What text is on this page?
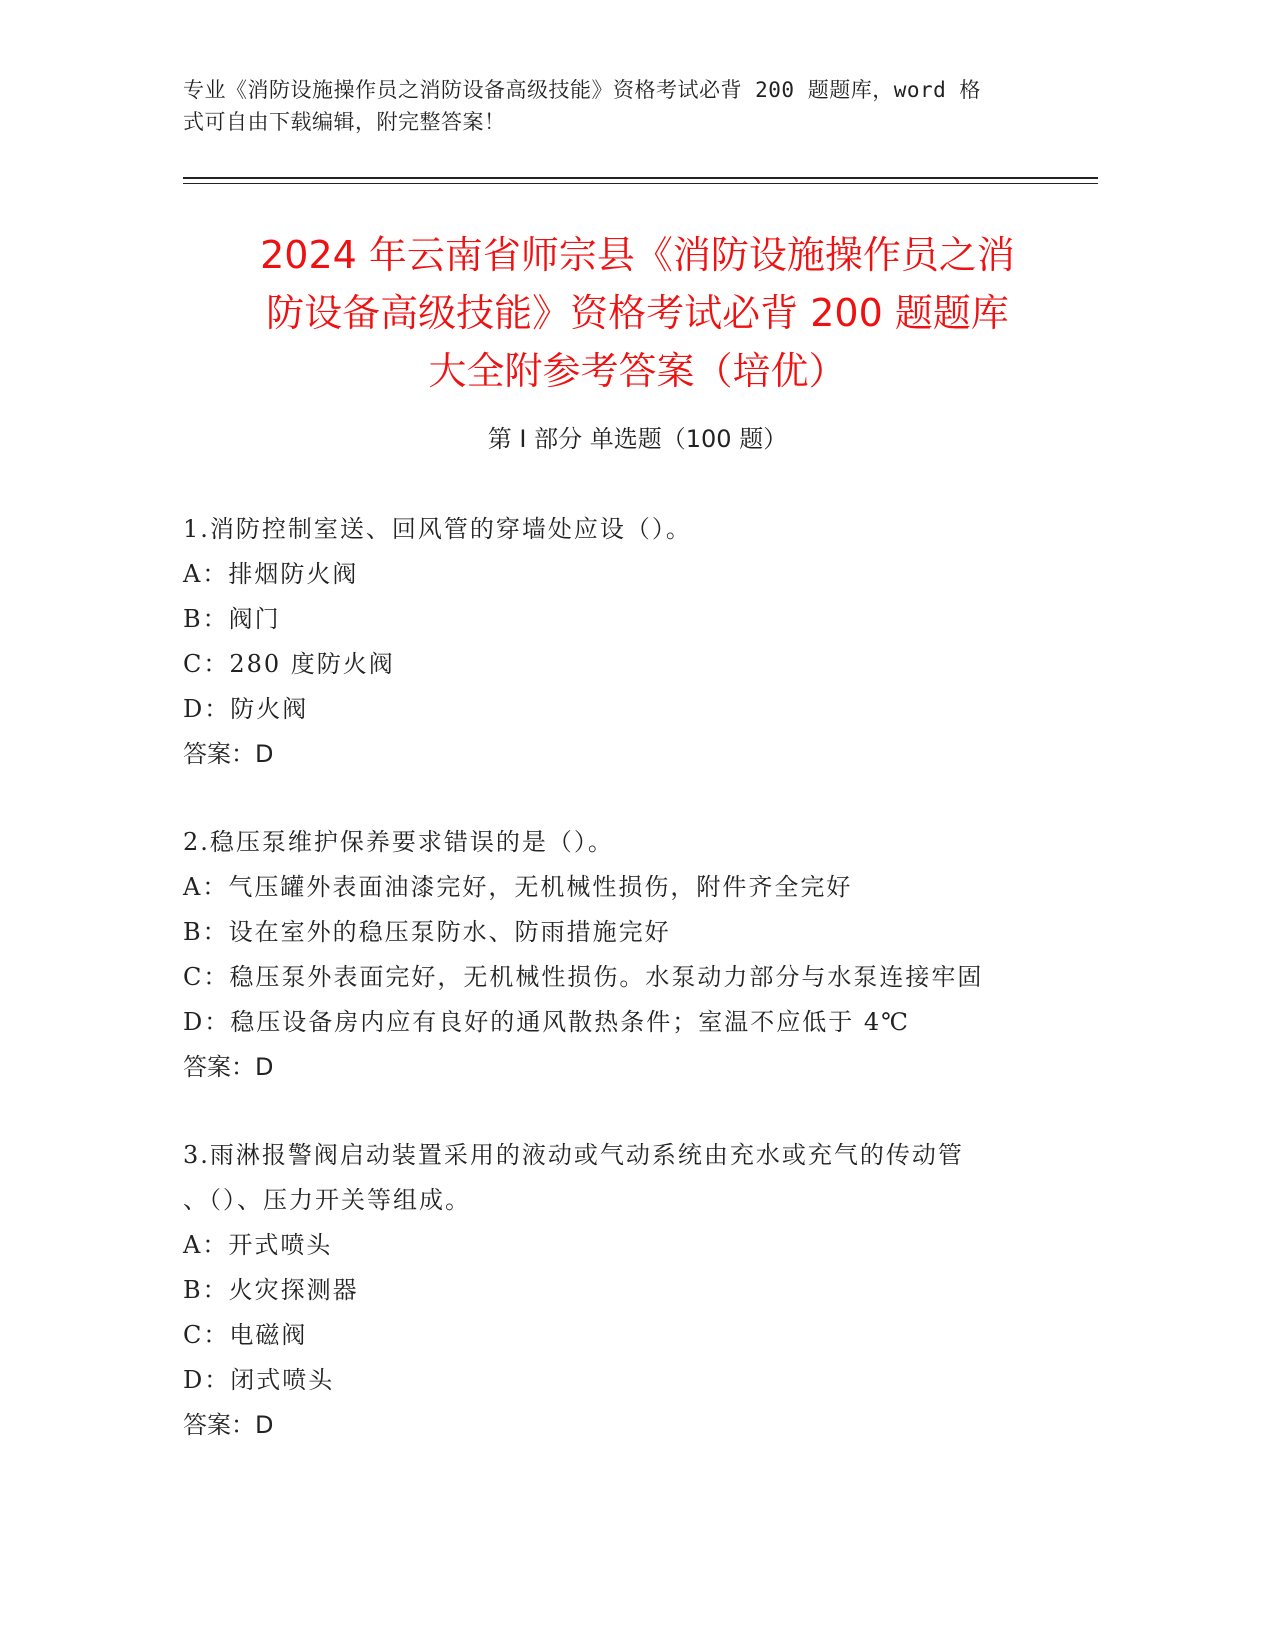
专业《消防设施操作员之消防设备高级技能》资格考试必背 200 题题库，word 格
式可自由下载编辑，附完整答案！
2024 年云南省师宗县《消防设施操作员之消
防设备高级技能》资格考试必背 200 题题库
大全附参考答案（培优）
第 I 部分 单选题（100 题）
1.消防控制室送、回风管的穿墙处应设（）。
A：排烟防火阀
B：阀门
C：280 度防火阀
D：防火阀
答案：D
2.稳压泵维护保养要求错误的是（）。
A：气压罐外表面油漆完好，无机械性损伤，附件齐全完好
B：设在室外的稳压泵防水、防雨措施完好
C：稳压泵外表面完好，无机械性损伤。水泵动力部分与水泵连接牢固
D：稳压设备房内应有良好的通风散热条件；室温不应低于 4℃
答案：D
3.雨淋报警阀启动装置采用的液动或气动系统由充水或充气的传动管
、（）、压力开关等组成。
A：开式喷头
B：火灾探测器
C：电磁阀
D：闭式喷头
答案：D
